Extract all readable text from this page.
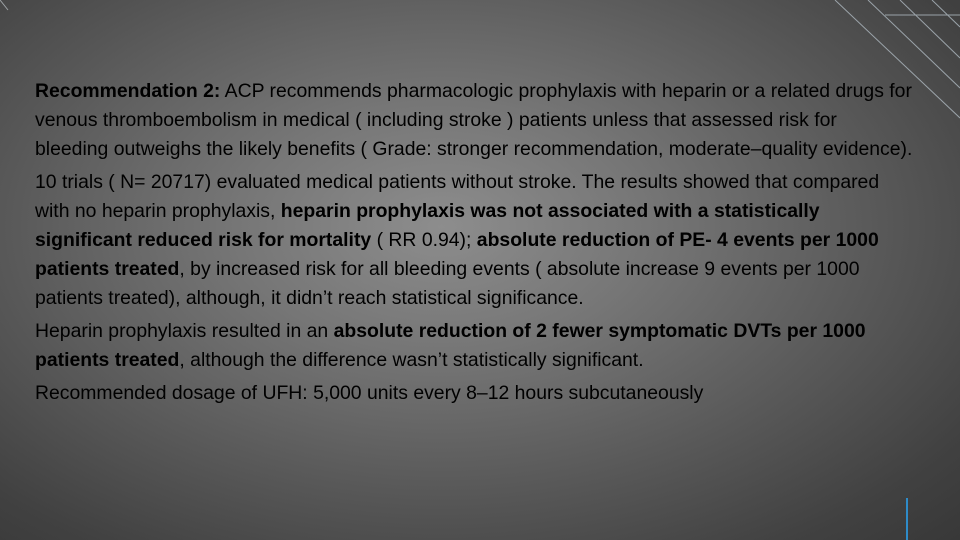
Recommendation 2: ACP recommends pharmacologic prophylaxis with heparin or a related drugs for venous thromboembolism in medical ( including stroke ) patients unless that assessed risk for bleeding outweighs the likely benefits ( Grade: stronger recommendation, moderate–quality evidence).

10 trials ( N= 20717) evaluated medical patients without stroke. The results showed that compared with no heparin prophylaxis, heparin prophylaxis was not associated with a statistically significant reduced risk for mortality ( RR 0.94); absolute reduction of PE- 4 events per 1000 patients treated, by increased risk for all bleeding events ( absolute increase 9 events per 1000 patients treated), although, it didn’t reach statistical significance.

Heparin prophylaxis resulted in an absolute reduction of 2 fewer symptomatic DVTs per 1000 patients treated, although the difference wasn’t statistically significant.

Recommended dosage of UFH: 5,000 units every 8–12 hours subcutaneously
